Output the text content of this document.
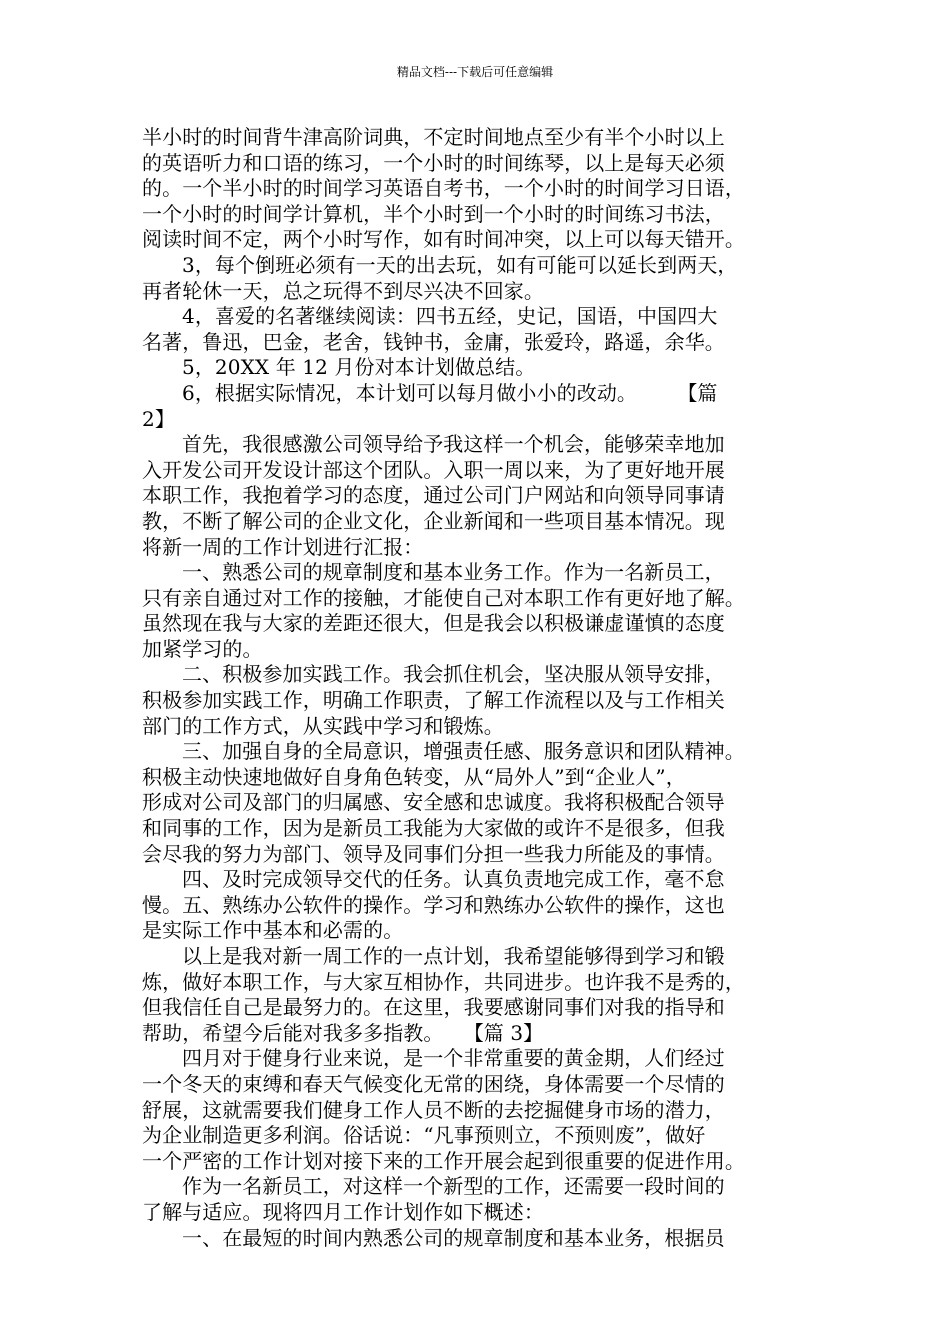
精品文档---下载后可任意编辑
半小时的时间背牛津高阶词典，不定时间地点至少有半个小时以上
的英语听力和口语的练习，一个小时的时间练琴，以上是每天必须
的。一个半小时的时间学习英语自考书，一个小时的时间学习日语，
一个小时的时间学计算机，半个小时到一个小时的时间练习书法，
阅读时间不定，两个小时写作，如有时间冲突，以上可以每天错开。
3，每个倒班必须有一天的出去玩，如有可能可以延长到两天，
再者轮休一天，总之玩得不到尽兴决不回家。
4，喜爱的名著继续阅读：四书五经，史记，国语，中国四大
名著，鲁迅，巴金，老舍，钱钟书，金庸，张爱玲，路遥，余华。
5，20XX 年 12 月份对本计划做总结。
6，根据实际情况，本计划可以每月做小小的改动。　　　【篇
2】
首先，我很感激公司领导给予我这样一个机会，能够荣幸地加
入开发公司开发设计部这个团队。入职一周以来，为了更好地开展
本职工作，我抱着学习的态度，通过公司门户网站和向领导同事请
教，不断了解公司的企业文化，企业新闻和一些项目基本情况。现
将新一周的工作计划进行汇报：
一、熟悉公司的规章制度和基本业务工作。作为一名新员工，
只有亲自通过对工作的接触，才能使自己对本职工作有更好地了解。
虽然现在我与大家的差距还很大，但是我会以积极谦虚谨慎的态度
加紧学习的。
二、积极参加实践工作。我会抓住机会，坚决服从领导安排，
积极参加实践工作，明确工作职责，了解工作流程以及与工作相关
部门的工作方式，从实践中学习和锻炼。
三、加强自身的全局意识，增强责任感、服务意识和团队精神。
积极主动快速地做好自身角色转变，从“局外人”到“企业人”，
形成对公司及部门的归属感、安全感和忠诚度。我将积极配合领导
和同事的工作，因为是新员工我能为大家做的或许不是很多，但我
会尽我的努力为部门、领导及同事们分担一些我力所能及的事情。
四、及时完成领导交代的任务。认真负责地完成工作，毫不怠
慢。五、熟练办公软件的操作。学习和熟练办公软件的操作，这也
是实际工作中基本和必需的。
以上是我对新一周工作的一点计划，我希望能够得到学习和锻
炼，做好本职工作，与大家互相协作，共同进步。也许我不是秀的，
但我信任自己是最努力的。在这里，我要感谢同事们对我的指导和
帮助，希望今后能对我多多指教。　　【篇 3】
四月对于健身行业来说，是一个非常重要的黄金期，人们经过
一个冬天的束缚和春天气候变化无常的困绕，身体需要一个尽情的
舒展，这就需要我们健身工作人员不断的去挖掘健身市场的潜力，
为企业制造更多利润。俗话说：“凡事预则立，不预则废”，做好
一个严密的工作计划对接下来的工作开展会起到很重要的促进作用。
作为一名新员工，对这样一个新型的工作，还需要一段时间的
了解与适应。现将四月工作计划作如下概述：
一、在最短的时间内熟悉公司的规章制度和基本业务，根据员
